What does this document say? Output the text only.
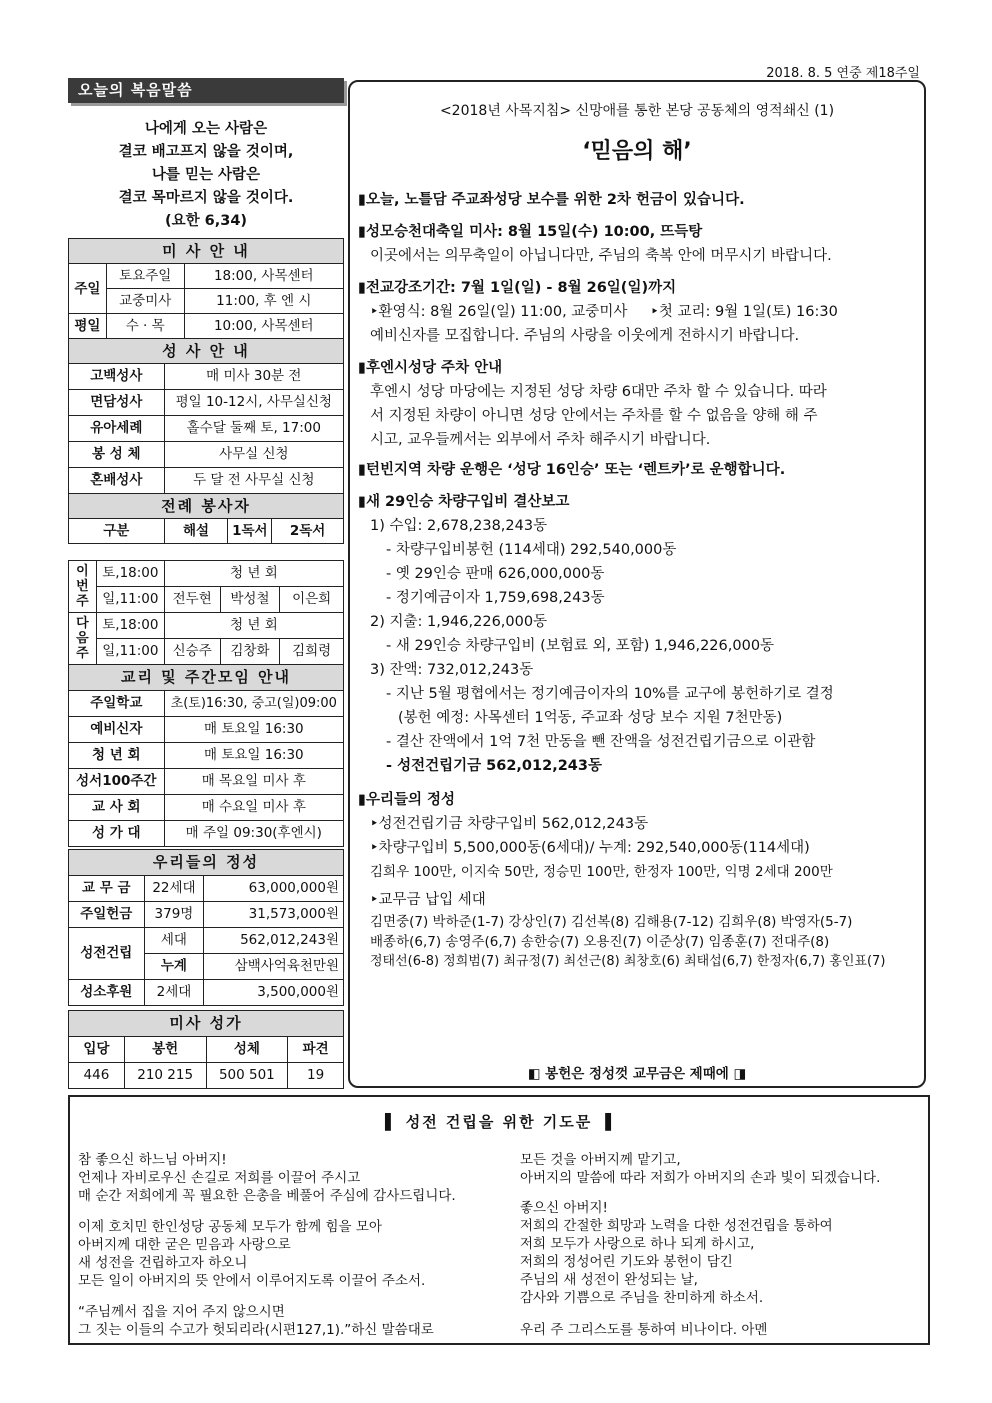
2018. 8. 5 연중 제18주일
오늘의 복음말씀
나에게 오는 사람은
결코 배고프지 않을 것이며,
나를 믿는 사람은
결코 목마르지 않을 것이다.
(요한 6,34)
미 사 안 내					
주일	토요주일		18:00, 사목센터		
	교중미사		11:00, 후 엔 시		
평일	수 · 목		10:00, 사목센터		
성 사 안 내					
고백성사		매 미사 30분 전			
면담성사		평일 10-12시, 사무실신청			
유아세례		홀수달 둘째 토, 17:00			
봉 성 체		사무실 신청			
혼배성사		두 달 전 사무실 신청			
전례 봉사자					
구분		해설		1독서	2독서
이번주	토,18:00	청 년 회		
	일,11:00	전두현	박성철	이은희
다음주	토,18:00	청 년 회		
	일,11:00	신승주	김창화	김희령
교리 및 주간모임 안내	
주일학교	초(토)16:30, 중고(일)09:00
예비신자	매 토요일 16:30
청 년 회	매 토요일 16:30
성서100주간	매 목요일 미사 후
교 사 회	매 수요일 미사 후
성 가 대	매 주일 09:30(후엔시)
우리들의 정성		
교 무 금	22세대	63,000,000원
주일헌금	379명	31,573,000원
성전건립	세대	562,012,243원
	누계	삼백사억육천만원
성소후원	2세대	3,500,000원
미사 성가			
입당	봉헌	성체	파견
446	210 215	500 501	19
<2018년 사목지침> 신망애를 통한 본당 공동체의 영적쇄신 (1)
‘믿음의 해’
▮오늘, 노틀담 주교좌성당 보수를 위한 2차 헌금이 있습니다.
▮성모승천대축일 미사: 8월 15일(수) 10:00, 뜨득탕
이곳에서는 의무축일이 아닙니다만, 주님의 축복 안에 머무시기 바랍니다.
▮전교강조기간: 7월 1일(일) - 8월 26일(일)까지
‣환영식: 8월 26일(일) 11:00, 교중미사     ‣첫 교리: 9월 1일(토) 16:30
예비신자를 모집합니다. 주님의 사랑을 이웃에게 전하시기 바랍니다.
▮후엔시성당 주차 안내
후엔시 성당 마당에는 지정된 성당 차량 6대만 주차 할 수 있습니다. 따라
서 지정된 차량이 아니면 성당 안에서는 주차를 할 수 없음을 양해 해 주
시고, 교우들께서는 외부에서 주차 해주시기 바랍니다.
▮턴빈지역 차량 운행은 ‘성당 16인승’ 또는 ‘렌트카’로 운행합니다.
▮새 29인승 차량구입비 결산보고
1) 수입: 2,678,238,243동
- 차량구입비봉헌 (114세대) 292,540,000동
- 옛 29인승 판매 626,000,000동
- 정기예금이자 1,759,698,243동
2) 지출: 1,946,226,000동
- 새 29인승 차량구입비 (보험료 외, 포함) 1,946,226,000동
3) 잔액: 732,012,243동
- 지난 5월 평협에서는 정기예금이자의 10%를 교구에 봉헌하기로 결정
(봉헌 예정: 사목센터 1억동, 주교좌 성당 보수 지원 7천만동)
- 결산 잔액에서 1억 7천 만동을 뺀 잔액을 성전건립기금으로 이관함
- 성전건립기금 562,012,243동
▮우리들의 정성
‣성전건립기금 차량구입비 562,012,243동
‣차량구입비 5,500,000동(6세대)/ 누계: 292,540,000동(114세대)
김희우 100만, 이지숙 50만, 정승민 100만, 한정자 100만, 익명 2세대 200만
‣교무금 납입 세대
김면중(7) 박하준(1-7) 강상인(7) 김선복(8) 김해용(7-12) 김희우(8) 박영자(5-7)
배종하(6,7) 송영주(6,7) 송한승(7) 오용진(7) 이준상(7) 임종훈(7) 전대주(8)
정태선(6-8) 정희범(7) 최규정(7) 최선근(8) 최창호(6) 최태섭(6,7) 한정자(6,7) 홍인표(7)
◧ 봉헌은 정성껏 교무금은 제때에 ◨
▌ 성전 건립을 위한 기도문 ▐
참 좋으신 하느님 아버지!
언제나 자비로우신 손길로 저희를 이끌어 주시고
매 순간 저희에게 꼭 필요한 은총을 베풀어 주심에 감사드립니다.
이제 호치민 한인성당 공동체 모두가 함께 힘을 모아
아버지께 대한 굳은 믿음과 사랑으로
새 성전을 건립하고자 하오니
모든 일이 아버지의 뜻 안에서 이루어지도록 이끌어 주소서.
“주님께서 집을 지어 주지 않으시면
그 짓는 이들의 수고가 헛되리라(시편127,1).”하신 말씀대로
모든 것을 아버지께 맡기고,
아버지의 말씀에 따라 저희가 아버지의 손과 빛이 되겠습니다.
좋으신 아버지!
저희의 간절한 희망과 노력을 다한 성전건립을 통하여
저희 모두가 사랑으로 하나 되게 하시고,
저희의 정성어린 기도와 봉헌이 담긴
주님의 새 성전이 완성되는 날,
감사와 기쁨으로 주님을 찬미하게 하소서.
우리 주 그리스도를 통하여 비나이다. 아멘
